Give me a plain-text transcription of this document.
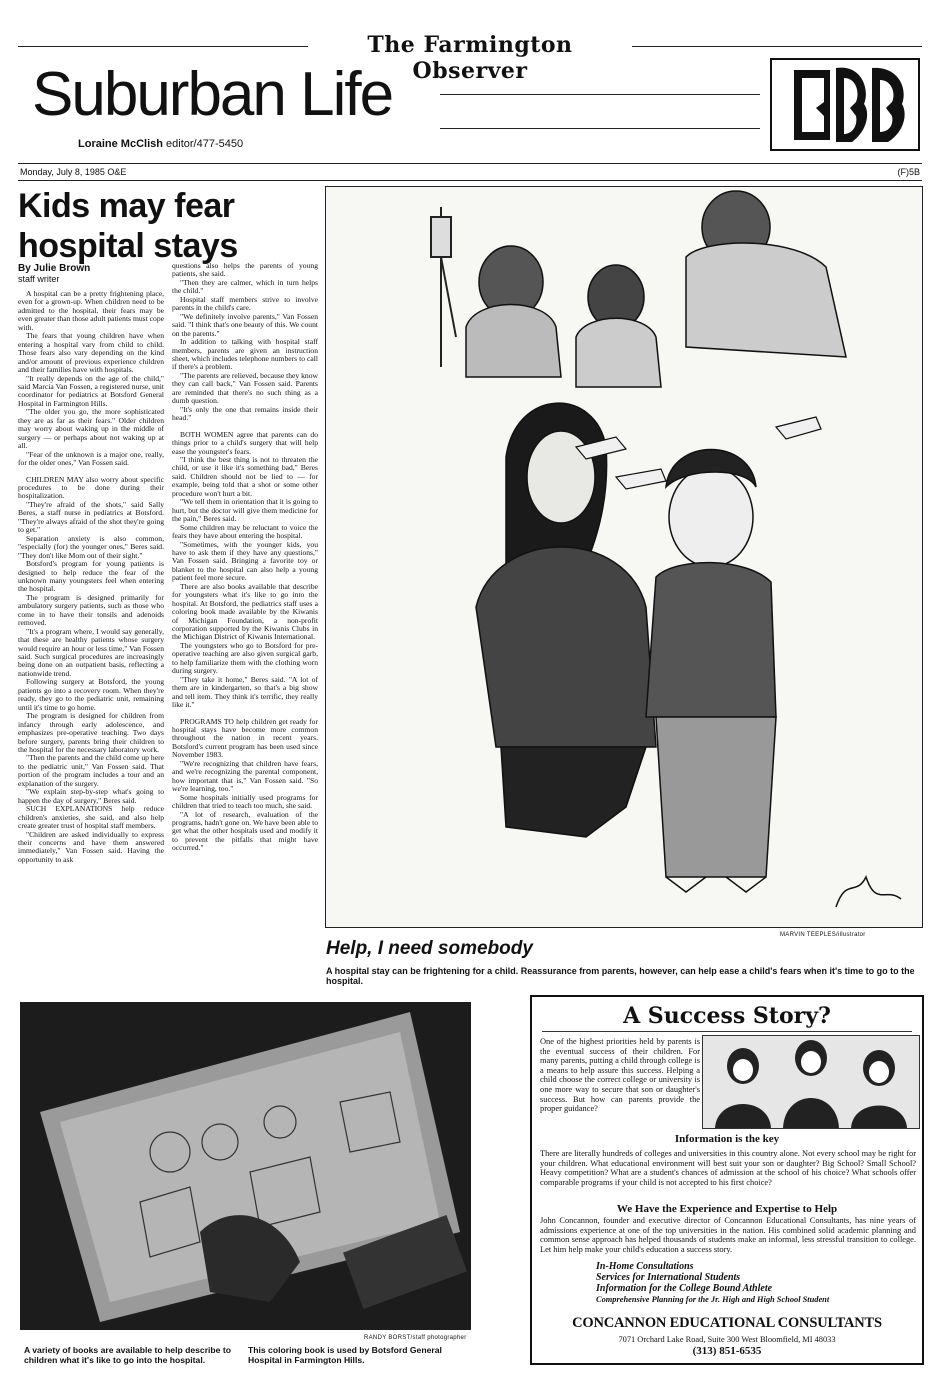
The Farmington Observer
Suburban Life
Loraine McClish editor/477-5450
Monday, July 8, 1985 O&E	(F)5B
Kids may fear
hospital stays
By Julie Brown
staff writer

A hospital can be a pretty frightening place, even for a grown-up. When children need to be admitted to the hospital, their fears may be even greater than those adult patients must cope with.

The fears that young children have when entering a hospital vary from child to child. Those fears also vary depending on the kind and/or amount of previous experience children and their families have with hospitals.

"It really depends on the age of the child," said Marcia Van Fossen, a registered nurse, unit coordinator for pediatrics at Botsford General Hospital in Farmington Hills.

"The older you go, the more sophisticated they are as far as their fears." Older children may worry about waking up in the middle of surgery — or perhaps about not waking up at all.

"Fear of the unknown is a major one, really, for the older ones," Van Fossen said.

CHILDREN MAY also worry about specific procedures to be done during their hospitalization.

"They're afraid of the shots," said Sally Beres, a staff nurse in pediatrics at Botsford. "They're always afraid of the shot they're going to get."

Separation anxiety is also common, "especially (for) the younger ones," Beres said. "They don't like Mom out of their sight."

Botsford's program for young patients is designed to help reduce the fear of the unknown many youngsters feel when entering the hospital.

The program is designed primarily for ambulatory surgery patients, such as those who come in to have their tonsils and adenoids removed.

"It's a program where, I would say generally, that these are healthy patients whose surgery would require an hour or less time," Van Fossen said. Such surgical procedures are increasingly being done on an outpatient basis, reflecting a nationwide trend.

Following surgery at Botsford, the young patients go into a recovery room. When they're ready, they go to the pediatric unit, remaining until it's time to go home.

The program is designed for children from infancy through early adolescence, and emphasizes pre-operative teaching. Two days before surgery, parents bring their children to the hospital for the necessary laboratory work.

"Then the parents and the child come up here to the pediatric unit," Van Fossen said. That portion of the program includes a tour and an explanation of the surgery.

"We explain step-by-step what's going to happen the day of surgery," Beres said.

SUCH EXPLANATIONS help reduce children's anxieties, she said, and also help create greater trust of hospital staff members.

"Children are asked individually to express their concerns and have them answered immediately," Van Fossen said. Having the opportunity to ask

questions also helps the parents of young patients, she said.

"Then they are calmer, which in turn helps the child."

Hospital staff members strive to involve parents in the child's care.

"We definitely involve parents," Van Fossen said. "I think that's one beauty of this. We count on the parents."

In addition to talking with hospital staff members, parents are given an instruction sheet, which includes telephone numbers to call if there's a problem.

"The parents are relieved, because they know they can call back," Van Fossen said. Parents are reminded that there's no such thing as a dumb question.

"It's only the one that remains inside their head."

BOTH WOMEN agree that parents can do things prior to a child's surgery that will help ease the youngster's fears.

"I think the best thing is not to threaten the child, or use it like it's something bad," Beres said. Children should not be lied to — for example, being told that a shot or some other procedure won't hurt a bit.

"We tell them in orientation that it is going to hurt, but the doctor will give them medicine for the pain," Beres said.

Some children may be reluctant to voice the fears they have about entering the hospital.

"Sometimes, with the younger kids, you have to ask them if they have any questions," Van Fossen said. Bringing a favorite toy or blanket to the hospital can also help a young patient feel more secure.

There are also books available that describe for youngsters what it's like to go into the hospital. At Botsford, the pediatrics staff uses a coloring book made available by the Kiwanis of Michigan Foundation, a non-profit corporation supported by the Kiwanis Clubs in the Michigan District of Kiwanis International.

The youngsters who go to Botsford for pre-operative teaching are also given surgical garb, to help familiarize them with the clothing worn during surgery.

"They take it home," Beres said. "A lot of them are in kindergarten, so that's a big show and tell item. They think it's terrific, they really like it."

PROGRAMS TO help children get ready for hospital stays have become more common throughout the nation in recent years. Botsford's current program has been used since November 1983.

"We're recognizing that children have fears, and we're recognizing the parental component, how important that is," Van Fossen said. "So we're learning, too."

Some hospitals initially used programs for children that tried to teach too much, she said.

"A lot of research, evaluation of the programs, hadn't gone on. We have been able to get what the other hospitals used and modify it to prevent the pitfalls that might have occurred."

MARVIN TEEPLES/illustrator
Help, I need somebody
A hospital stay can be frightening for a child. Reassurance from parents, however, can help ease a child's fears when it's time to go to the hospital.
RANDY BORST/staff photographer
A variety of books are available to help describe to children what it's like to go into the hospital.
This coloring book is used by Botsford General Hospital in Farmington Hills.
A Success Story?
One of the highest priorities held by parents is the eventual success of their children. For many parents, putting a child through college is a means to help assure this success. Helping a child choose the correct college or university is one more way to secure that son or daughter's success. But how can parents provide the proper guidance?
Information is the key
There are literally hundreds of colleges and universities in this country alone. Not every school may be right for your children. What educational environment will best suit your son or daughter? Big School? Small School? Heavy competition? What are a student's chances of admission at the school of his choice? What schools offer comparable programs if your child is not accepted to his first choice?
We Have the Experience and Expertise to Help
John Concannon, founder and executive director of Concannon Educational Consultants, has nine years of admissions experience at one of the top universities in the nation. His combined solid academic planning and common sense approach has helped thousands of students make an informal, less stressful transition to college. Let him help make your child's education a success story.
In-Home Consultations
Services for International Students
Information for the College Bound Athlete
Comprehensive Planning for the Jr. High and High School Student
CONCANNON EDUCATIONAL CONSULTANTS
7071 Orchard Lake Road, Suite 300 West Bloomfield, MI 48033
(313) 851-6535
